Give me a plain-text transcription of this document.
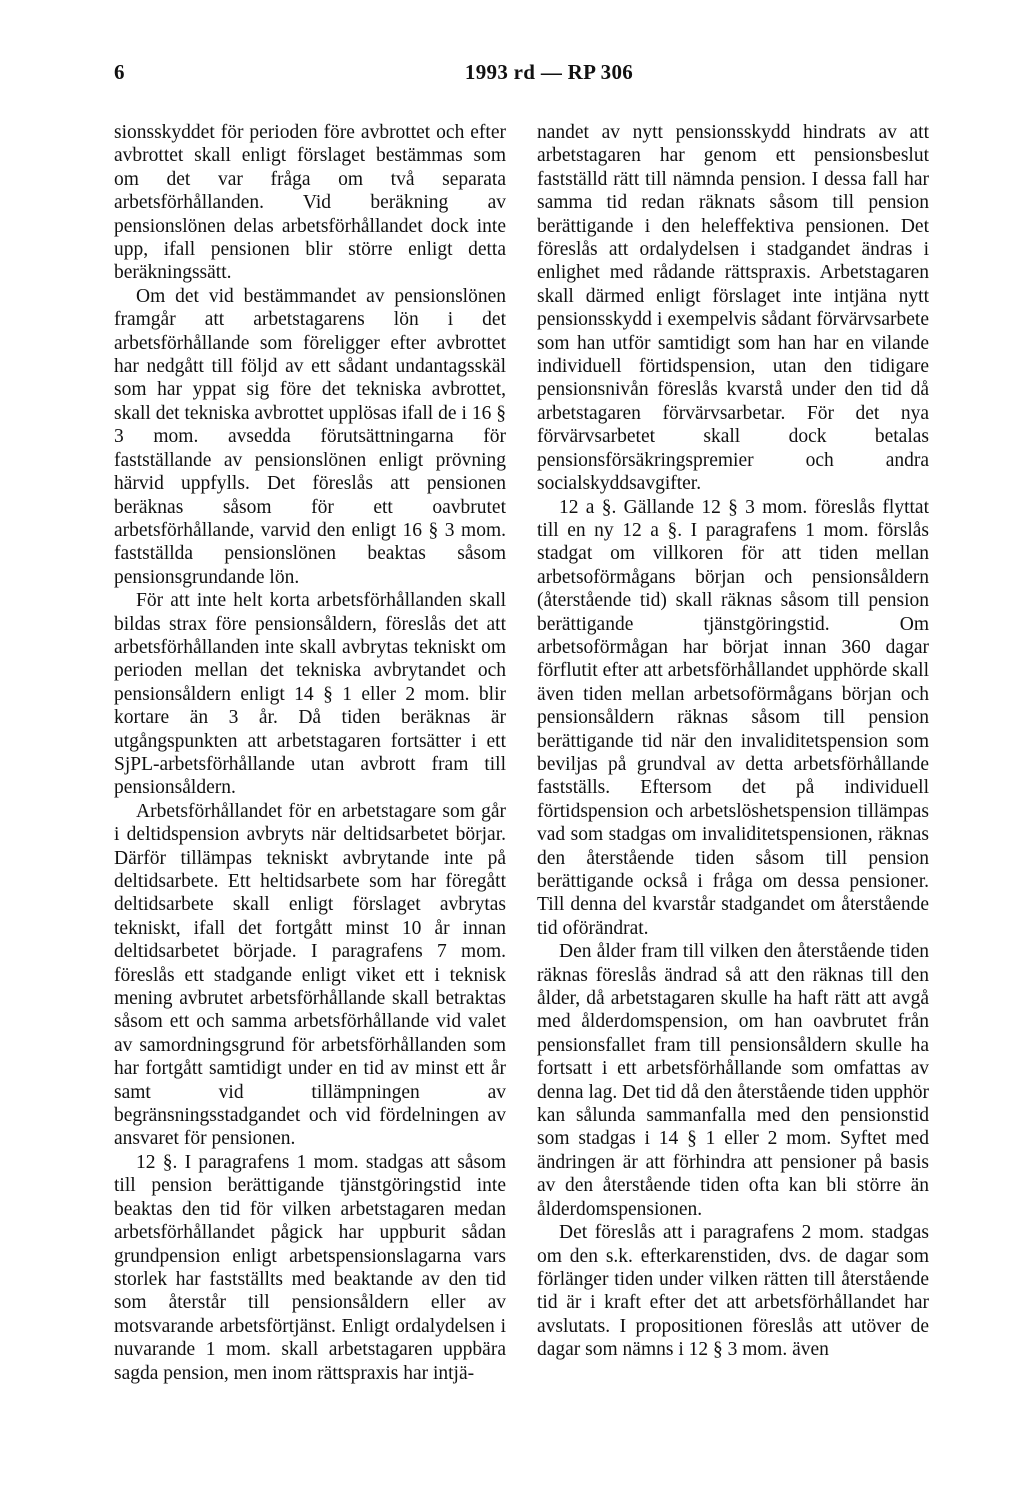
6	1993 rd — RP 306

sionsskyddet för perioden före avbrottet och efter avbrottet skall enligt förslaget bestämmas som om det var fråga om två separata arbetsförhållanden. Vid beräkning av pensionslönen delas arbetsförhållandet dock inte upp, ifall pensionen blir större enligt detta beräkningssätt.

Om det vid bestämmandet av pensionslönen framgår att arbetstagarens lön i det arbetsförhållande som föreligger efter avbrottet har nedgått till följd av ett sådant undantagsskäl som har yppat sig före det tekniska avbrottet, skall det tekniska avbrottet upplösas ifall de i 16 § 3 mom. avsedda förutsättningarna för fastställande av pensionslönen enligt prövning härvid uppfylls. Det föreslås att pensionen beräknas såsom för ett oavbrutet arbetsförhållande, varvid den enligt 16 § 3 mom. fastställda pensionslönen beaktas såsom pensionsgrundande lön.

För att inte helt korta arbetsförhållanden skall bildas strax före pensionsåldern, föreslås det att arbetsförhållanden inte skall avbrytas tekniskt om perioden mellan det tekniska avbrytandet och pensionsåldern enligt 14 § 1 eller 2 mom. blir kortare än 3 år. Då tiden beräknas är utgångspunkten att arbetstagaren fortsätter i ett SjPL-arbetsförhållande utan avbrott fram till pensionsåldern.

Arbetsförhållandet för en arbetstagare som går i deltidspension avbryts när deltidsarbetet börjar. Därför tillämpas tekniskt avbrytande inte på deltidsarbete. Ett heltidsarbete som har föregått deltidsarbete skall enligt förslaget avbrytas tekniskt, ifall det fortgått minst 10 år innan deltidsarbetet började. I paragrafens 7 mom. föreslås ett stadgande enligt viket ett i teknisk mening avbrutet arbetsförhållande skall betraktas såsom ett och samma arbetsförhållande vid valet av samordningsgrund för arbetsförhållanden som har fortgått samtidigt under en tid av minst ett år samt vid tillämpningen av begränsningsstadgandet och vid fördelningen av ansvaret för pensionen.

12 §. I paragrafens 1 mom. stadgas att såsom till pension berättigande tjänstgöringstid inte beaktas den tid för vilken arbetstagaren medan arbetsförhållandet pågick har uppburit sådan grundpension enligt arbetspensionslagarna vars storlek har fastställts med beaktande av den tid som återstår till pensionsåldern eller av motsvarande arbetsförtjänst. Enligt ordalydelsen i nuvarande 1 mom. skall arbetstagaren uppbära sagda pension, men inom rättspraxis har intjä-

nandet av nytt pensionsskydd hindrats av att arbetstagaren har genom ett pensionsbeslut fastställd rätt till nämnda pension. I dessa fall har samma tid redan räknats såsom till pension berättigande i den heleffektiva pensionen. Det föreslås att ordalydelsen i stadgandet ändras i enlighet med rådande rättspraxis. Arbetstagaren skall därmed enligt förslaget inte intjäna nytt pensionsskydd i exempelvis sådant förvärvsarbete som han utför samtidigt som han har en vilande individuell förtidspension, utan den tidigare pensionsnivån föreslås kvarstå under den tid då arbetstagaren förvärvsarbetar. För det nya förvärvsarbetet skall dock betalas pensionsförsäkringspremier och andra socialskyddsavgifter.

12 a §. Gällande 12 § 3 mom. föreslås flyttat till en ny 12 a §. I paragrafens 1 mom. förslås stadgat om villkoren för att tiden mellan arbetsoförmågans början och pensionsåldern (återstående tid) skall räknas såsom till pension berättigande tjänstgöringstid. Om arbetsoförmågan har börjat innan 360 dagar förflutit efter att arbetsförhållandet upphörde skall även tiden mellan arbetsoförmågans början och pensionsåldern räknas såsom till pension berättigande tid när den invaliditetspension som beviljas på grundval av detta arbetsförhållande fastställs. Eftersom det på individuell förtidspension och arbetslöshetspension tillämpas vad som stadgas om invaliditetspensionen, räknas den återstående tiden såsom till pension berättigande också i fråga om dessa pensioner. Till denna del kvarstår stadgandet om återstående tid oförändrat.

Den ålder fram till vilken den återstående tiden räknas föreslås ändrad så att den räknas till den ålder, då arbetstagaren skulle ha haft rätt att avgå med ålderdomspension, om han oavbrutet från pensionsfallet fram till pensionsåldern skulle ha fortsatt i ett arbetsförhållande som omfattas av denna lag. Det tid då den återstående tiden upphör kan sålunda sammanfalla med den pensionstid som stadgas i 14 § 1 eller 2 mom. Syftet med ändringen är att förhindra att pensioner på basis av den återstående tiden ofta kan bli större än ålderdomspensionen.

Det föreslås att i paragrafens 2 mom. stadgas om den s.k. efterkarenstiden, dvs. de dagar som förlänger tiden under vilken rätten till återstående tid är i kraft efter det att arbetsförhållandet har avslutats. I propositionen föreslås att utöver de dagar som nämns i 12 § 3 mom. även
